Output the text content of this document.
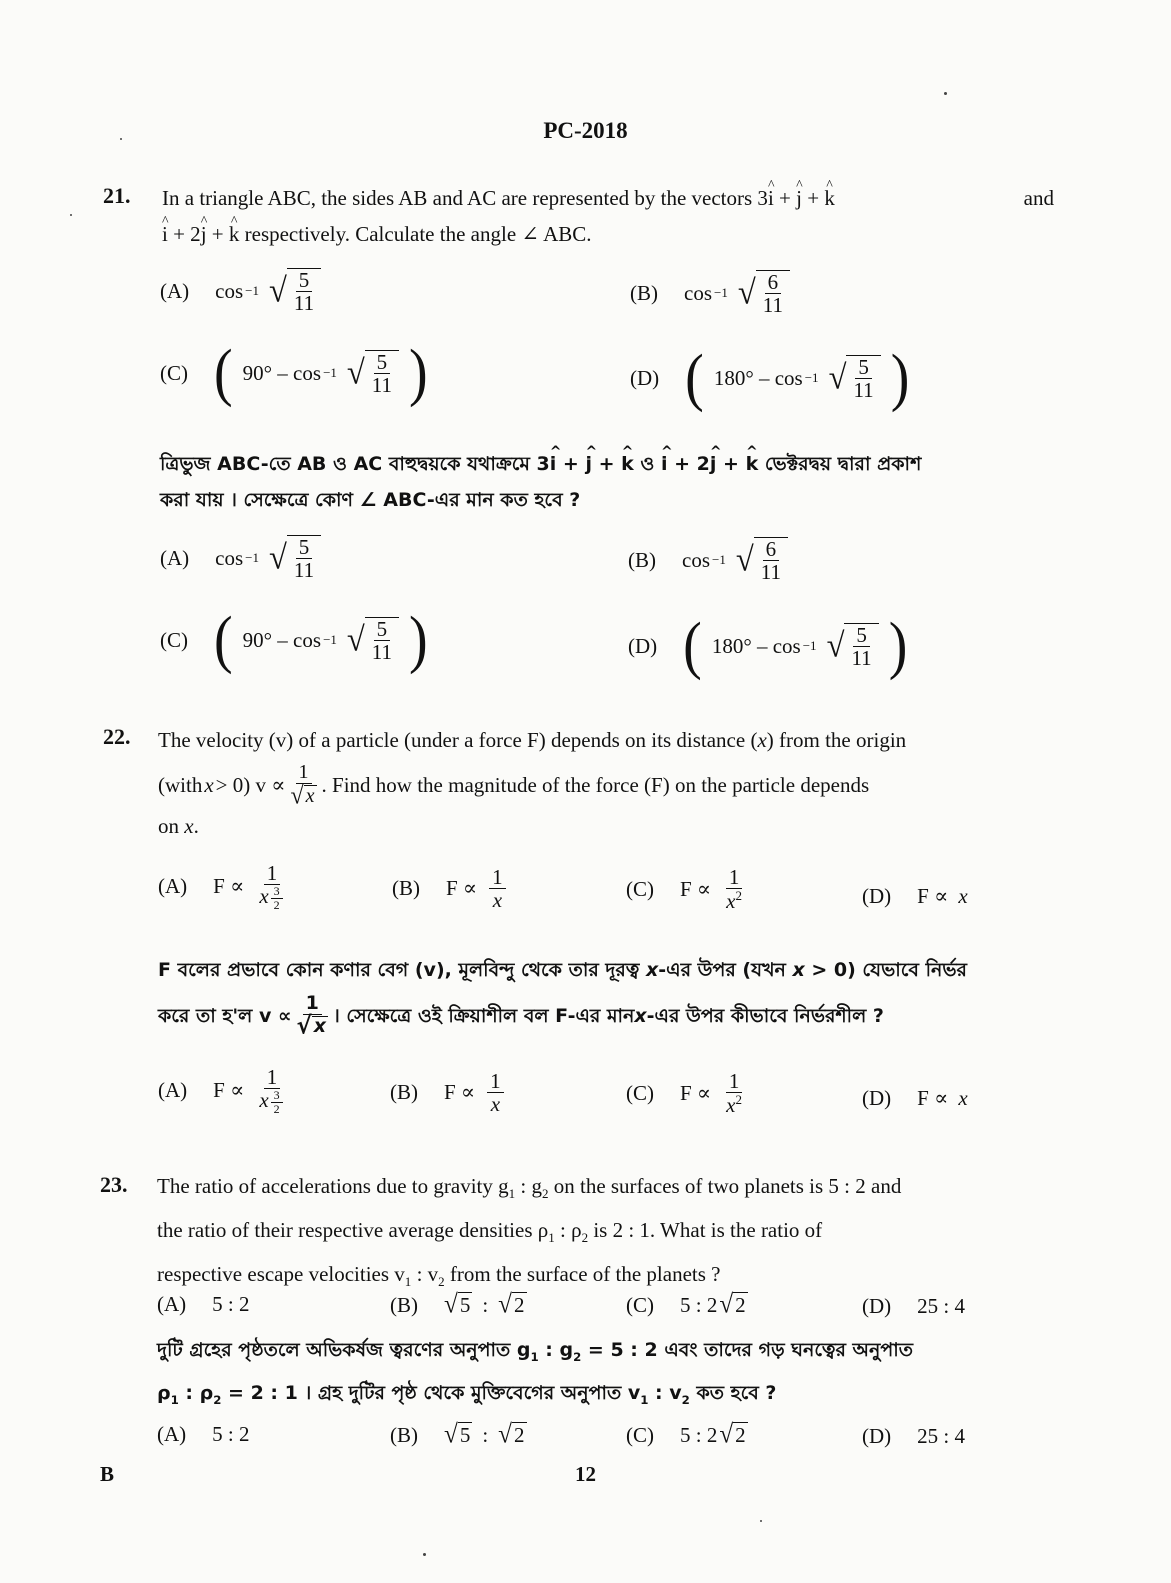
PC-2018
21. In a triangle ABC, the sides AB and AC are represented by the vectors 3i ^ + j ^ + k ^	and
i ^ + 2j ^ + k ^ respectively. Calculate the angle ∠ ABC.
(A) cos −1 √ $\frac{5}{11}$	(B) cos −1 √ $\frac{6}{11}$
(C) ( 90° – cos −1 √ $\frac{5}{11}$ )	(D) ( 180° – cos −1 √ $\frac{5}{11}$ )
ত্রিভুজ ABC-তে AB ও AC বাহুদ্বয়কে যথাক্রমে 3i ^ + j ^ + k ^ ও i ^ + 2j ^ + k ^ ভেক্টরদ্বয় দ্বারা প্রকাশ
করা যায় । সেক্ষেত্রে কোণ ∠ ABC-এর মান কত হবে ?
(A) cos −1 √ $\frac{5}{11}$	(B) cos −1 √ $\frac{6}{11}$
(C) ( 90° – cos −1 √ $\frac{5}{11}$ )	(D) ( 180° – cos −1 √ $\frac{5}{11}$ )
22. The velocity (v) of a particle (under a force F) depends on its distance (x) from the origin
(with x > 0) $v \propto \frac{1}{√ x}$ . Find how the magnitude of the force (F) on the particle depends
on x.
(A) $F \propto \frac{1}{x \frac{3}{2}}$	(B) $F \propto \frac{1}{x}$	(C) $F \propto \frac{1}{x^2}$	(D) F ∝ x
F বলের প্রভাবে কোন কণার বেগ (v), মূলবিন্দু থেকে তার দূরত্ব x-এর উপর (যখন x > 0) যেভাবে নির্ভর
করে তা হ'ল $v \propto \frac{1}{√ x}$ । সেক্ষেত্রে ওই ক্রিয়াশীল বল F-এর মান x -এর উপর কীভাবে নির্ভরশীল ?
(A) $F \propto \frac{1}{x \frac{3}{2}}$	(B) $F \propto \frac{1}{x}$	(C) $F \propto \frac{1}{x^2}$	(D) F ∝ x
23. The ratio of accelerations due to gravity $g_1$ : $g_2$ on the surfaces of two planets is 5 : 2 and
the ratio of their respective average densities $\rho_1$ : $\rho_2$ is 2 : 1. What is the ratio of
respective escape velocities $v_1$ : $v_2$ from the surface of the planets ?
(A) 5 : 2	(B) √ 5 : √ 2	(C) 5 : 2 √ 2	(D) 25 : 4
দুটি গ্রহের পৃষ্ঠতলে অভিকর্ষজ ত্বরণের অনুপাত $g_1$ : $g_2 = 5$ : 2 এবং তাদের গড় ঘনত্বের অনুপাত
$\rho_1$ : $\rho_2 = 2$ : 1 । গ্রহ দুটির পৃষ্ঠ থেকে মুক্তিবেগের অনুপাত $v_1$ : $v_2$ কত হবে ?
(A) 5 : 2	(B) √ 5 : √ 2	(C) 5 : 2 √ 2	(D) 25 : 4
B	12
